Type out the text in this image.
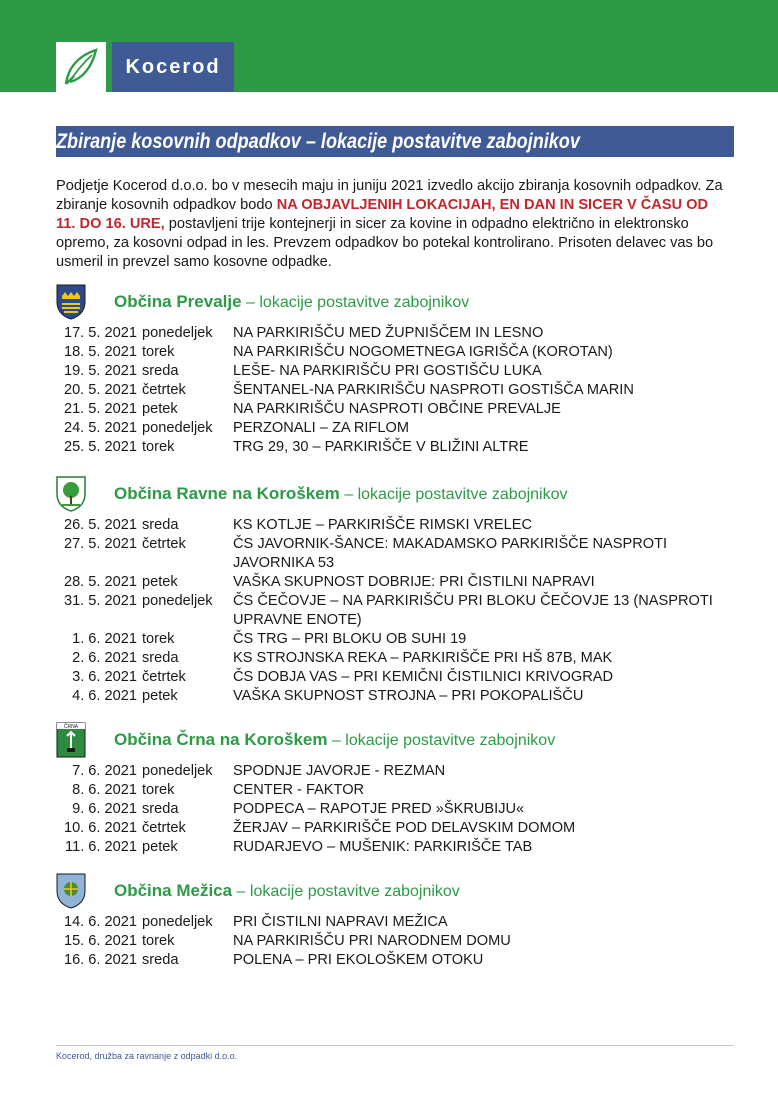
Kocerod
Zbiranje kosovnih odpadkov – lokacije postavitve zabojnikov

Podjetje Kocerod d.o.o. bo v mesecih maju in juniju 2021 izvedlo akcijo zbiranja kosovnih odpadkov. Za zbiranje kosovnih odpadkov bodo NA OBJAVLJENIH LOKACIJAH, EN DAN IN SICER V ČASU OD 11. DO 16. URE, postavljeni trije kontejnerji in sicer za kovine in odpadno električno in elektronsko opremo, za kosovni odpad in les. Prevzem odpadkov bo potekal kontrolirano. Prisoten delavec vas bo usmeril in prevzel samo kosovne odpadke.

Občina Prevalje – lokacije postavitve zabojnikov
17. 5. 2021	ponedeljek	NA PARKIRIŠČU MED ŽUPNIŠČEM IN LESNO
18. 5. 2021	torek	NA PARKIRIŠČU NOGOMETNEGA IGRIŠČA (KOROTAN)
19. 5. 2021	sreda	LEŠE- NA PARKIRIŠČU PRI GOSTIŠČU LUKA
20. 5. 2021	četrtek	ŠENTANEL-NA PARKIRIŠČU NASPROTI GOSTIŠČA MARIN
21. 5. 2021	petek	NA PARKIRIŠČU NASPROTI OBČINE PREVALJE
24. 5. 2021	ponedeljek	PERZONALI – ZA RIFLOM
25. 5. 2021	torek	TRG 29, 30 – PARKIRIŠČE V BLIŽINI ALTRE
Občina Ravne na Koroškem – lokacije postavitve zabojnikov
26. 5. 2021	sreda	KS KOTLJE – PARKIRIŠČE RIMSKI VRELEC
27. 5. 2021	četrtek	ČS JAVORNIK-ŠANCE: MAKADAMSKO PARKIRIŠČE NASPROTI JAVORNIKA 53
28. 5. 2021	petek	VAŠKA SKUPNOST DOBRIJE: PRI ČISTILNI NAPRAVI
31. 5. 2021	ponedeljek	ČS ČEČOVJE – NA PARKIRIŠČU PRI BLOKU ČEČOVJE 13 (NASPROTI UPRAVNE ENOTE)
1. 6. 2021	torek	ČS TRG – PRI BLOKU OB SUHI 19
2. 6. 2021	sreda	KS STROJNSKA REKA – PARKIRIŠČE PRI HŠ 87B, MAK
3. 6. 2021	četrtek	ČS DOBJA VAS – PRI KEMIČNI ČISTILNICI KRIVOGRAD
4. 6. 2021	petek	VAŠKA SKUPNOST STROJNA – PRI POKOPALIŠČU
ČRNA
Občina Črna na Koroškem – lokacije postavitve zabojnikov
7. 6. 2021	ponedeljek	SPODNJE JAVORJE - REZMAN
8. 6. 2021	torek	CENTER - FAKTOR
9. 6. 2021	sreda	PODPECA – RAPOTJE PRED »ŠKRUBIJU«
10. 6. 2021	četrtek	ŽERJAV – PARKIRIŠČE POD DELAVSKIM DOMOM
11. 6. 2021	petek	RUDARJEVO – MUŠENIK: PARKIRIŠČE TAB
Občina Mežica – lokacije postavitve zabojnikov
14. 6. 2021	ponedeljek	PRI ČISTILNI NAPRAVI MEŽICA
15. 6. 2021	torek	NA PARKIRIŠČU PRI NARODNEM DOMU
16. 6. 2021	sreda	POLENA – PRI EKOLOŠKEM OTOKU
Kocerod, družba za ravnanje z odpadki d.o.o.
